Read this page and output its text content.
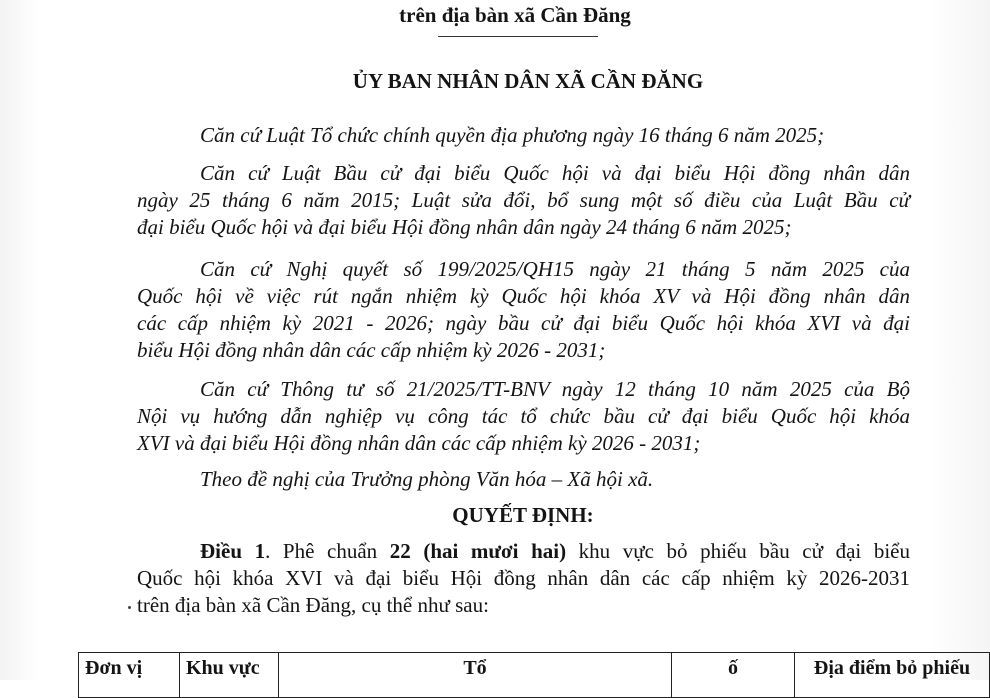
trên địa bàn xã Cần Đăng
ỦY BAN NHÂN DÂN XÃ CẦN ĐĂNG
Căn cứ Luật Tổ chức chính quyền địa phương ngày 16 tháng 6 năm 2025;
Căn cứ Luật Bầu cử đại biểu Quốc hội và đại biểu Hội đồng nhân dân
ngày 25 tháng 6 năm 2015; Luật sửa đổi, bổ sung một số điều của Luật Bầu cử
đại biểu Quốc hội và đại biểu Hội đồng nhân dân ngày 24 tháng 6 năm 2025;
Căn cứ Nghị quyết số 199/2025/QH15 ngày 21 tháng 5 năm 2025 của
Quốc hội về việc rút ngắn nhiệm kỳ Quốc hội khóa XV và Hội đồng nhân dân
các cấp nhiệm kỳ 2021 - 2026; ngày bầu cử đại biểu Quốc hội khóa XVI và đại
biểu Hội đồng nhân dân các cấp nhiệm kỳ 2026 - 2031;
Căn cứ Thông tư số 21/2025/TT-BNV ngày 12 tháng 10 năm 2025 của Bộ
Nội vụ hướng dẫn nghiệp vụ công tác tổ chức bầu cử đại biểu Quốc hội khóa
XVI và đại biểu Hội đồng nhân dân các cấp nhiệm kỳ 2026 - 2031;
Theo đề nghị của Trưởng phòng Văn hóa – Xã hội xã.
QUYẾT ĐỊNH:
Điều 1. Phê chuẩn 22 (hai mươi hai) khu vực bỏ phiếu bầu cử đại biểu
Quốc hội khóa XVI và đại biểu Hội đồng nhân dân các cấp nhiệm kỳ 2026-2031
trên địa bàn xã Cần Đăng, cụ thể như sau:
Đơn vị	Khu vực	Tổ	ố	Địa điểm bỏ phiếu
